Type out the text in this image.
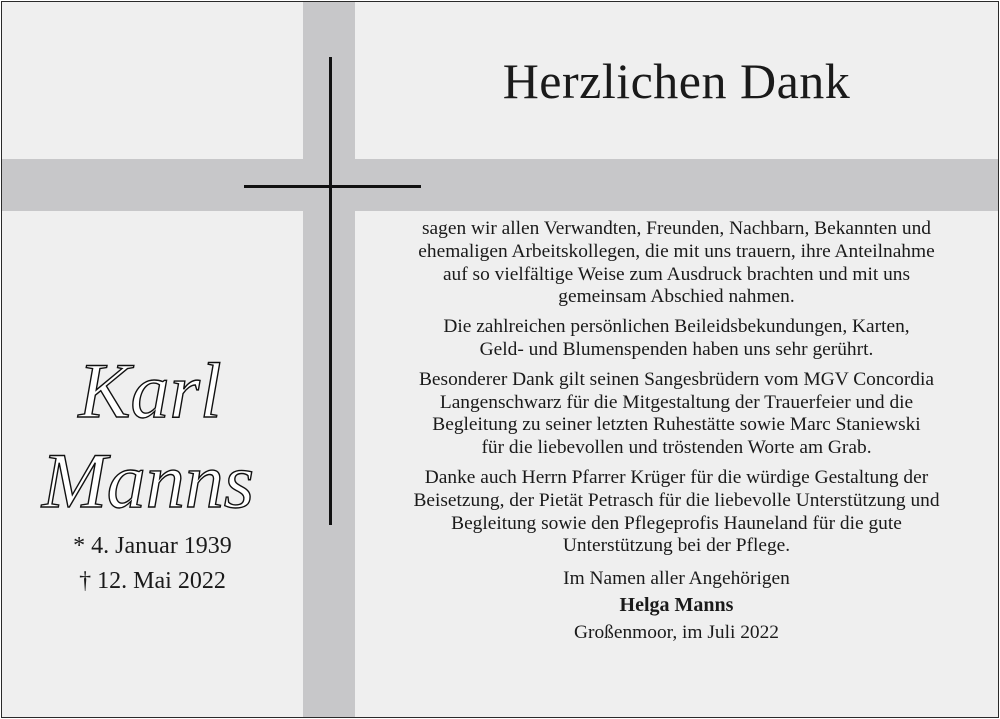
Herzlichen Dank
Karl
Manns
* 4. Januar 1939
† 12. Mai 2022

sagen wir allen Verwandten, Freunden, Nachbarn, Bekannten und
ehemaligen Arbeitskollegen, die mit uns trauern, ihre Anteilnahme
auf so vielfältige Weise zum Ausdruck brachten und mit uns
gemeinsam Abschied nahmen.

Die zahlreichen persönlichen Beileidsbekundungen, Karten,
Geld- und Blumenspenden haben uns sehr gerührt.

Besonderer Dank gilt seinen Sangesbrüdern vom MGV Concordia
Langenschwarz für die Mitgestaltung der Trauerfeier und die
Begleitung zu seiner letzten Ruhestätte sowie Marc Staniewski
für die liebevollen und tröstenden Worte am Grab.

Danke auch Herrn Pfarrer Krüger für die würdige Gestaltung der
Beisetzung, der Pietät Petrasch für die liebevolle Unterstützung und
Begleitung sowie den Pflegeprofis Hauneland für die gute
Unterstützung bei der Pflege.

Im Namen aller Angehörigen
Helga Manns
Großenmoor, im Juli 2022
